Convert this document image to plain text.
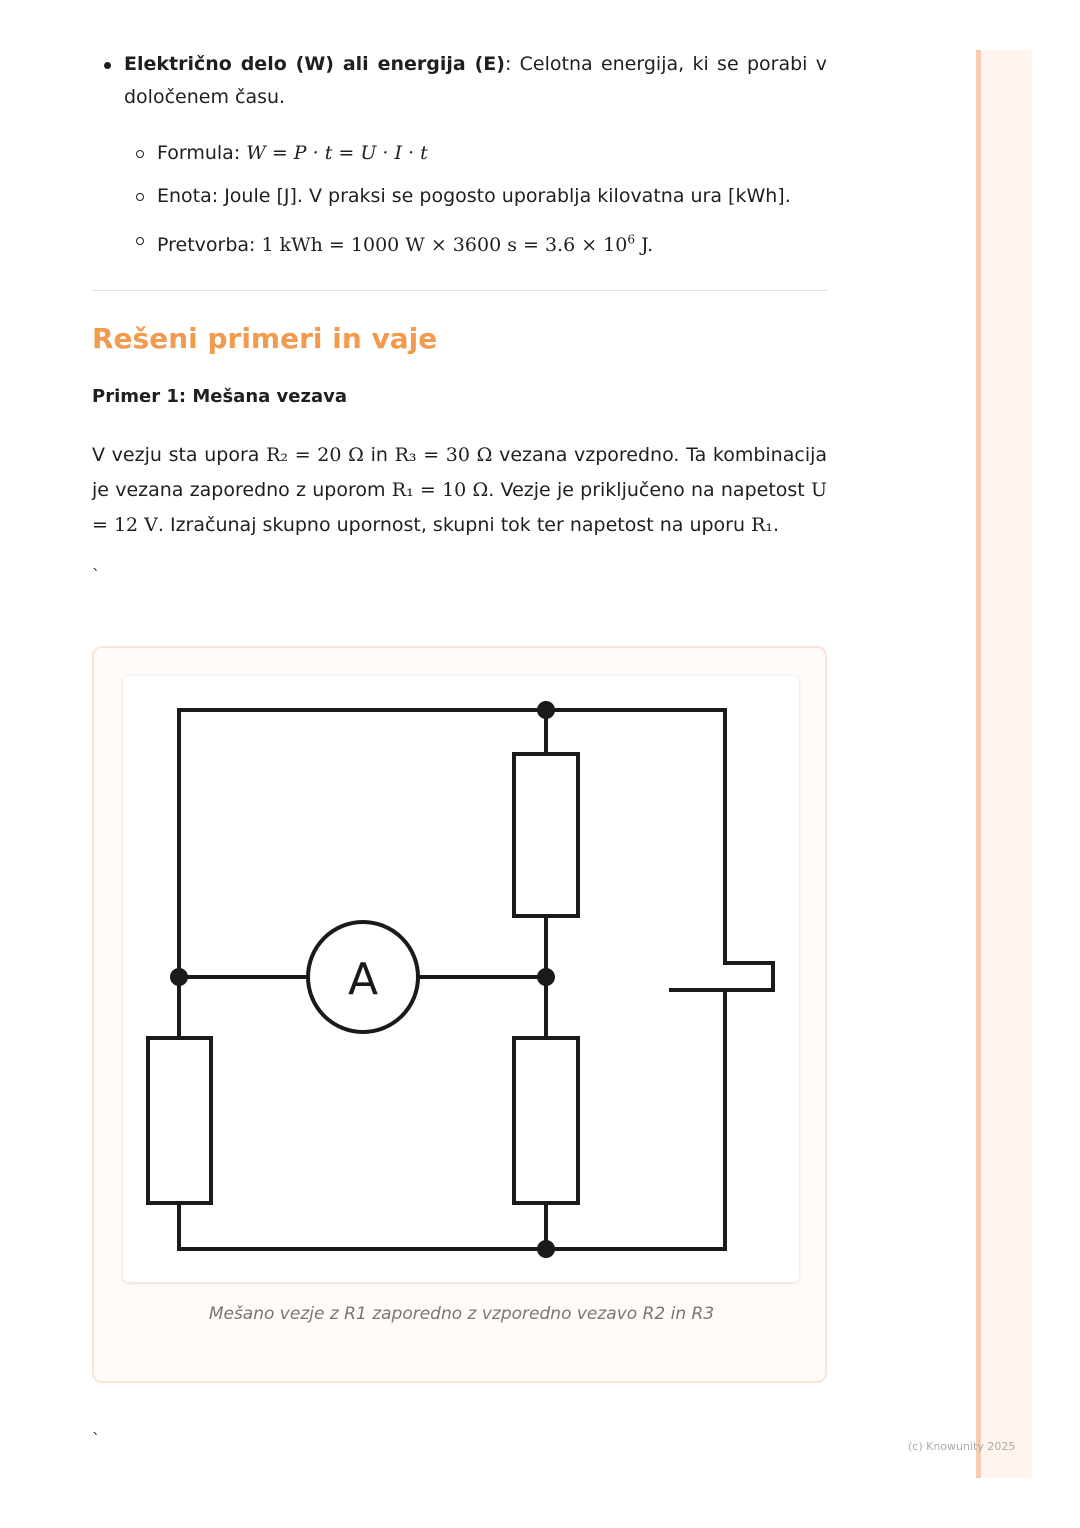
Električno delo (W) ali energija (E): Celotna energija, ki se porabi v določenem času.
Formula: W = P · t = U · I · t
Enota: Joule [J]. V praksi se pogosto uporablja kilovatna ura [kWh].
Pretvorba: 1 kWh = 1000 W × 3600 $s = 3.6 \times 10^6$ J.
Rešeni primeri in vaje
Primer 1: Mešana vezava
V vezju sta upora R₂ = 20 Ω in R₃ = 30 Ω vezana vzporedno. Ta kombinacija je vezana zaporedno z uporom R₁ = 10 Ω. Vezje je priključeno na napetost U = 12 V. Izračunaj skupno upornost, skupni tok ter napetost na uporu R₁.
`
A
Mešano vezje z R1 zaporedno z vzporedno vezavo R2 in R3
`	(c) Knowunity 2025
